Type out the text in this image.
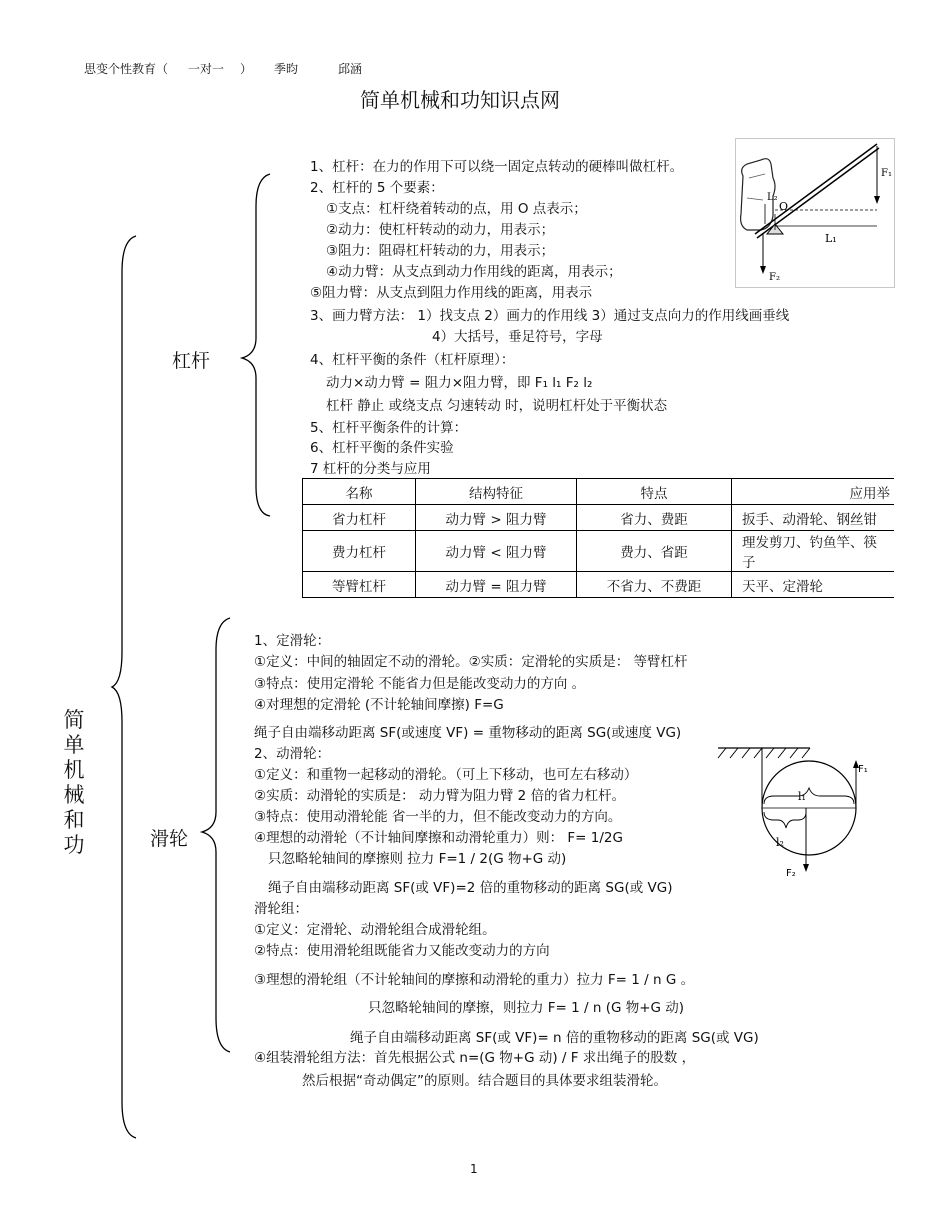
思变个性教育（ 一对一 ） 季昀	邱涵
简单机械和功知识点网
简
单
机
械
和
功
杠杆
1、杠杆：在力的作用下可以绕一固定点转动的硬棒叫做杠杆。
2、杠杆的 5 个要素：
①支点：杠杆绕着转动的点，用 O 点表示；
②动力：使杠杆转动的动力，用表示；
③阻力：阻碍杠杆转动的力，用表示；
④动力臂：从支点到动力作用线的距离，用表示；
⑤阻力臂：从支点到阻力作用线的距离，用表示
3、画力臂方法： 1）找支点 2）画力的作用线 3）通过支点向力的作用线画垂线
4）大括号，垂足符号，字母
4、杠杆平衡的条件（杠杆原理）：
动力×动力臂 = 阻力×阻力臂，即 F₁ l₁ F₂ l₂
杠杆 静止 或绕支点 匀速转动 时，说明杠杆处于平衡状态
5、杠杆平衡条件的计算：
6、杠杆平衡的条件实验
7 杠杆的分类与应用
名称	结构特征	特点	应用举
省力杠杆	动力臂 > 阻力臂	省力、费距	扳手、动滑轮、钢丝钳
费力杠杆	动力臂 < 阻力臂	费力、省距	理发剪刀、钓鱼竿、筷子
等臂杠杆	动力臂 = 阻力臂	不省力、不费距	天平、定滑轮
O
F₁
L₁
L₂
F₂
滑轮
1、定滑轮：
①定义：中间的轴固定不动的滑轮。②实质：定滑轮的实质是： 等臂杠杆
③特点：使用定滑轮 不能省力但是能改变动力的方向 。
④对理想的定滑轮 (不计轮轴间摩擦) F=G
绳子自由端移动距离 SF(或速度 VF) = 重物移动的距离 SG(或速度 VG)
2、动滑轮：
①定义：和重物一起移动的滑轮。（可上下移动，也可左右移动）
②实质：动滑轮的实质是： 动力臂为阻力臂 2 倍的省力杠杆。
③特点：使用动滑轮能 省一半的力，但不能改变动力的方向。
④理想的动滑轮（不计轴间摩擦和动滑轮重力）则： F= 1/2G
只忽略轮轴间的摩擦则 拉力 F=1 / 2(G 物+G 动)
绳子自由端移动距离 SF(或 VF)=2 倍的重物移动的距离 SG(或 VG)
滑轮组：
①定义：定滑轮、动滑轮组合成滑轮组。
②特点：使用滑轮组既能省力又能改变动力的方向
③理想的滑轮组（不计轮轴间的摩擦和动滑轮的重力）拉力 F= 1 / n G 。
只忽略轮轴间的摩擦，则拉力 F= 1 / n (G 物+G 动)
绳子自由端移动距离 SF(或 VF)= n 倍的重物移动的距离 SG(或 VG)
④组装滑轮组方法：首先根据公式 n=(G 物+G 动) / F 求出绳子的股数 ，
然后根据“奇动偶定”的原则。结合题目的具体要求组装滑轮。
F₁
l₁
l₂
F₂
1
